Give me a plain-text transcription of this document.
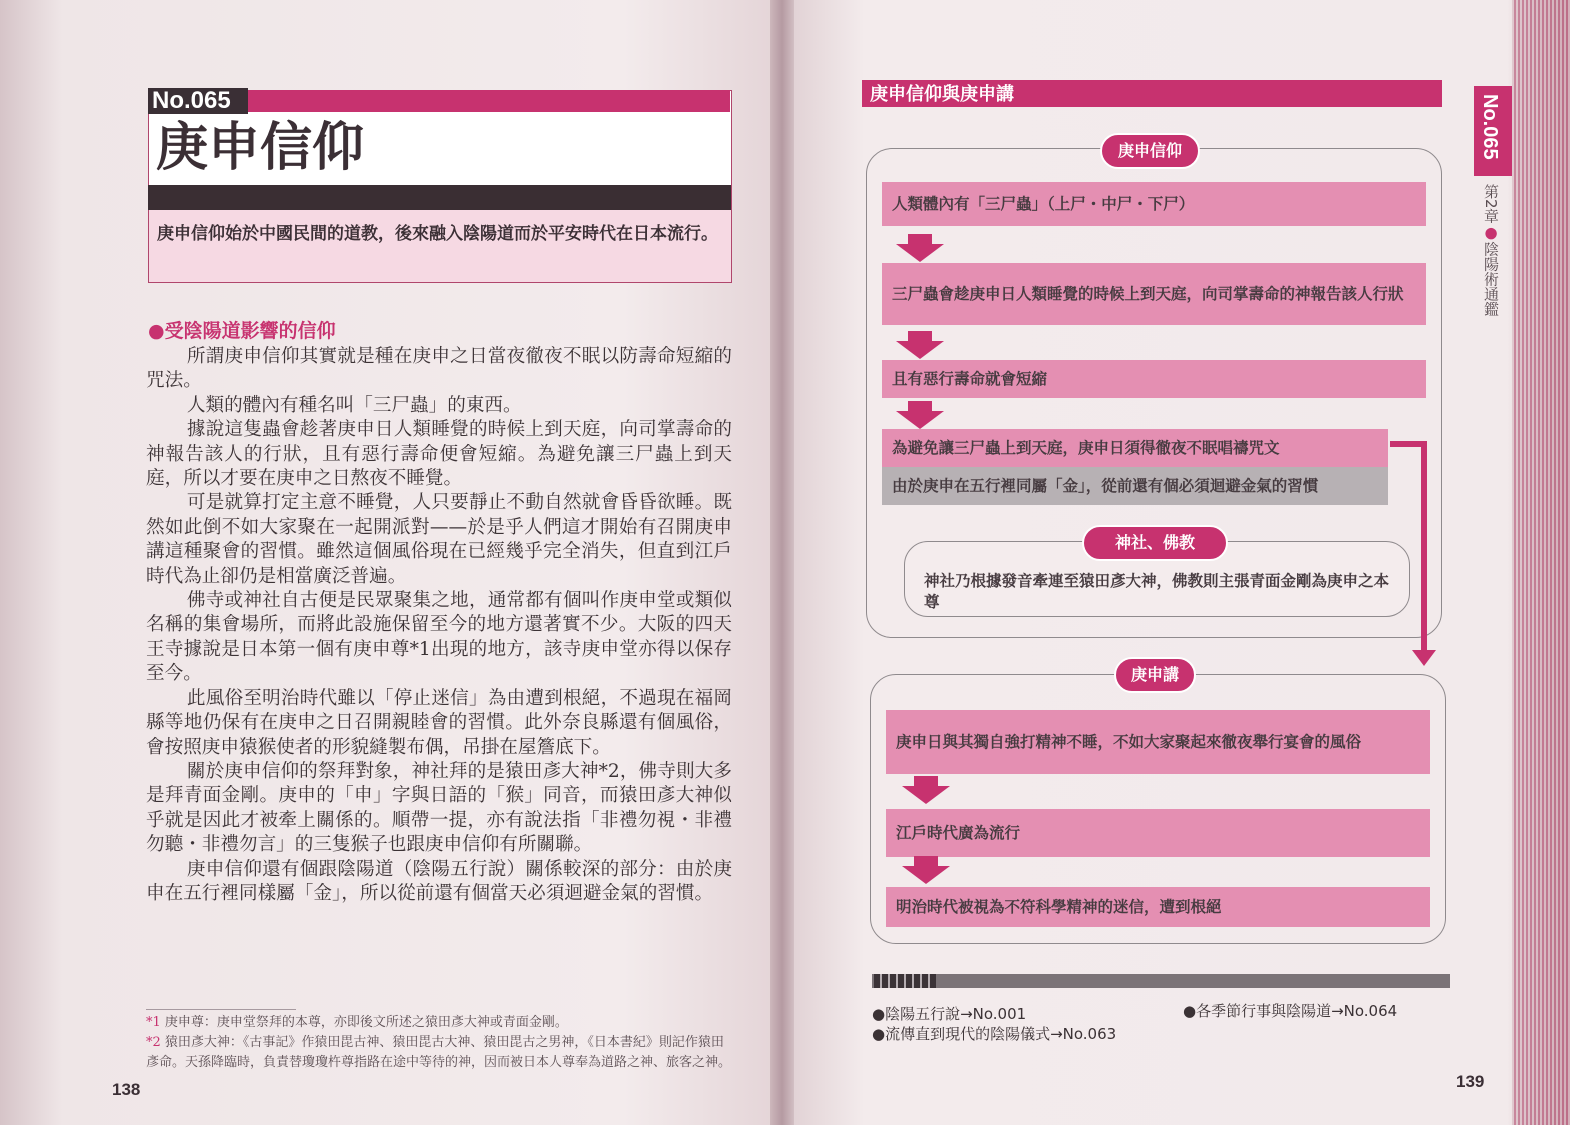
No.065
庚申信仰
庚申信仰始於中國民間的道教，後來融入陰陽道而於平安時代在日本流行。
●受陰陽道影響的信仰

所謂庚申信仰其實就是種在庚申之日當夜徹夜不眠以防壽命短縮的咒法。

人類的體內有種名叫「三尸蟲」的東西。

據說這隻蟲會趁著庚申日人類睡覺的時候上到天庭，向司掌壽命的神報告該人的行狀，且有惡行壽命便會短縮。為避免讓三尸蟲上到天庭，所以才要在庚申之日熬夜不睡覺。

可是就算打定主意不睡覺，人只要靜止不動自然就會昏昏欲睡。既然如此倒不如大家聚在一起開派對——於是乎人們這才開始有召開庚申講這種聚會的習慣。雖然這個風俗現在已經幾乎完全消失，但直到江戶時代為止卻仍是相當廣泛普遍。

佛寺或神社自古便是民眾聚集之地，通常都有個叫作庚申堂或類似名稱的集會場所，而將此設施保留至今的地方還著實不少。大阪的四天王寺據說是日本第一個有庚申尊*1出現的地方，該寺庚申堂亦得以保存至今。

此風俗至明治時代雖以「停止迷信」為由遭到根絕，不過現在福岡縣等地仍保有在庚申之日召開親睦會的習慣。此外奈良縣還有個風俗，會按照庚申猿猴使者的形貌縫製布偶，吊掛在屋簷底下。

關於庚申信仰的祭拜對象，神社拜的是猿田彥大神*2，佛寺則大多是拜青面金剛。庚申的「申」字與日語的「猴」同音，而猿田彥大神似乎就是因此才被牽上關係的。順帶一提，亦有說法指「非禮勿視・非禮勿聽・非禮勿言」的三隻猴子也跟庚申信仰有所關聯。

庚申信仰還有個跟陰陽道（陰陽五行說）關係較深的部分：由於庚申在五行裡同樣屬「金」，所以從前還有個當天必須迴避金氣的習慣。

*1 庚申尊：庚申堂祭拜的本尊，亦即後文所述之猿田彥大神或青面金剛。
*2 猿田彥大神：《古事記》作猿田毘古神、猿田毘古大神、猿田毘古之男神，《日本書紀》則記作猿田彥命。天孫降臨時，負責替瓊瓊杵尊指路在途中等待的神，因而被日本人尊奉為道路之神、旅客之神。
138
庚申信仰與庚申講
庚申信仰
人類體內有「三尸蟲」（上尸・中尸・下尸）
三尸蟲會趁庚申日人類睡覺的時候上到天庭，向司掌壽命的神報告該人行狀
且有惡行壽命就會短縮
為避免讓三尸蟲上到天庭，庚申日須得徹夜不眠唱禱咒文
由於庚申在五行裡同屬「金」，從前還有個必須迴避金氣的習慣
神社、佛教
神社乃根據發音牽連至猿田彥大神，佛教則主張青面金剛為庚申之本尊
庚申講
庚申日與其獨自強打精神不睡，不如大家聚起來徹夜舉行宴會的風俗
江戶時代廣為流行
明治時代被視為不符科學精神的迷信，遭到根絕
●陰陽五行說→No.001
●流傳直到現代的陰陽儀式→No.063
●各季節行事與陰陽道→No.064
139
No.065
第2章●陰陽術通鑑
